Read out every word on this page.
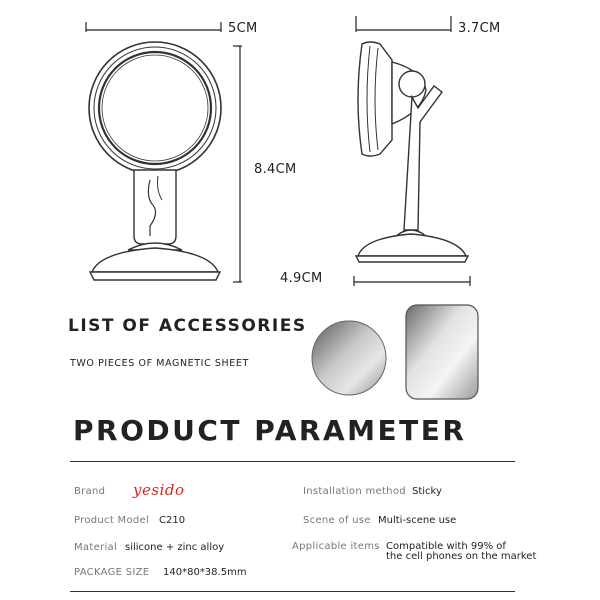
5CM	3.7CM
8.4CM
4.9CM
LIST OF ACCESSORIES
TWO PIECES OF MAGNETIC SHEET
PRODUCT PARAMETER
Brand yesido
Product Model C210
Material silicone + zinc alloy
PACKAGE SIZE 140*80*38.5mm
Installation method Sticky
Scene of use Multi-scene use
Applicable items Compatible with 99% of
the cell phones on the market
